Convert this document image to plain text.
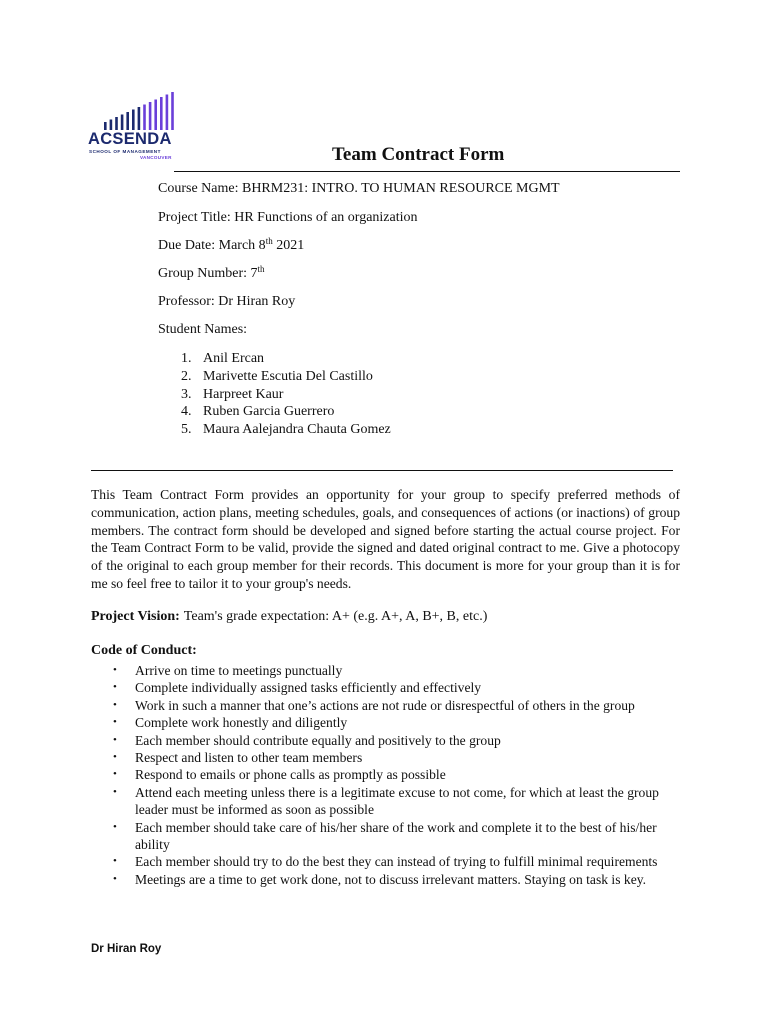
ACSENDA
SCHOOL OF MANAGEMENT
VANCOUVER	Team Contract Form
Course Name: BHRM231: INTRO. TO HUMAN RESOURCE MGMT
Project Title: HR Functions of an organization
Due Date: March 8th 2021
Group Number: 7th
Professor: Dr Hiran Roy
Student Names:
1. Anil Ercan
2. Marivette Escutia Del Castillo
3. Harpreet Kaur
4. Ruben Garcia Guerrero
5. Maura Aalejandra Chauta Gomez

This Team Contract Form provides an opportunity for your group to specify preferred methods of communication, action plans, meeting schedules, goals, and consequences of actions (or inactions) of group members. The contract form should be developed and signed before starting the actual course project. For the Team Contract Form to be valid, provide the signed and dated original contract to me. Give a photocopy of the original to each group member for their records. This document is more for your group than it is for me so feel free to tailor it to your group's needs.

Project Vision: Team's grade expectation: A+ (e.g. A+, A, B+, B, etc.)
Code of Conduct:
• Arrive on time to meetings punctually
• Complete individually assigned tasks efficiently and effectively
• Work in such a manner that one’s actions are not rude or disrespectful of others in the group
• Complete work honestly and diligently
• Each member should contribute equally and positively to the group
• Respect and listen to other team members
• Respond to emails or phone calls as promptly as possible
• Attend each meeting unless there is a legitimate excuse to not come, for which at least the group leader must be informed as soon as possible
• Each member should take care of his/her share of the work and complete it to the best of his/her ability
• Each member should try to do the best they can instead of trying to fulfill minimal requirements
• Meetings are a time to get work done, not to discuss irrelevant matters. Staying on task is key.
Dr Hiran Roy
